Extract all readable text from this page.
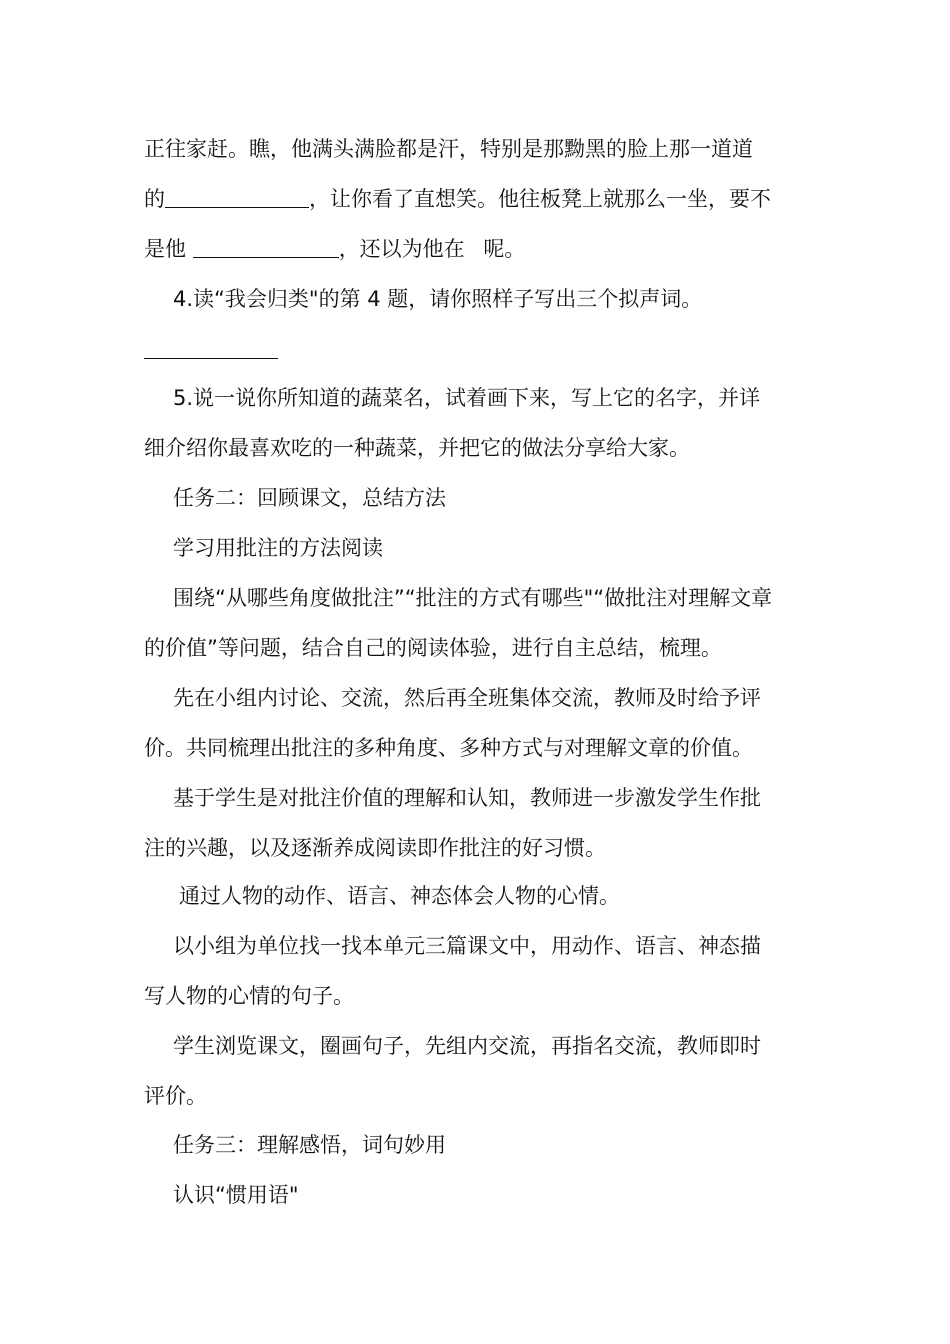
正往家赶。瞧，他满头满脸都是汗，特别是那黝黑的脸上那一道道
的	，让你看了直想笑。他往板凳上就那么一坐，要不
是他	，还以为他在 呢。
4.读“我会归类"的第 4 题，请你照样子写出三个拟声词。
5.说一说你所知道的蔬菜名，试着画下来，写上它的名字，并详
细介绍你最喜欢吃的一种蔬菜，并把它的做法分享给大家。
任务二：回顾课文，总结方法
学习用批注的方法阅读
围绕“从哪些角度做批注”“批注的方式有哪些"“做批注对理解文章
的价值”等问题，结合自己的阅读体验，进行自主总结，梳理。
先在小组内讨论、交流，然后再全班集体交流，教师及时给予评
价。共同梳理出批注的多种角度、多种方式与对理解文章的价值。
基于学生是对批注价值的理解和认知，教师进一步激发学生作批
注的兴趣，以及逐渐养成阅读即作批注的好习惯。
通过人物的动作、语言、神态体会人物的心情。
以小组为单位找一找本单元三篇课文中，用动作、语言、神态描
写人物的心情的句子。
学生浏览课文，圈画句子，先组内交流，再指名交流，教师即时
评价。
任务三：理解感悟，词句妙用
认识“惯用语"
